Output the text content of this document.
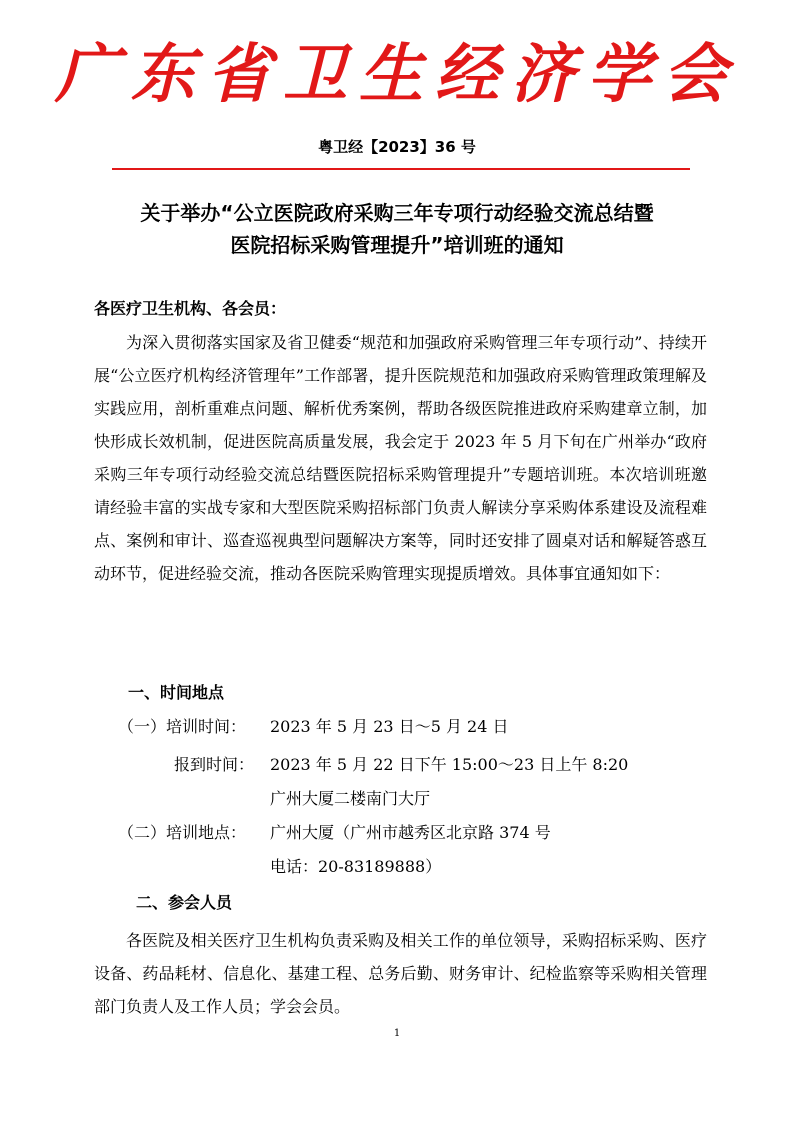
广东省卫生经济学会
粤卫经【2023】36 号
关于举办“公立医院政府采购三年专项行动经验交流总结暨
医院招标采购管理提升”培训班的通知
各医疗卫生机构、各会员：
为深入贯彻落实国家及省卫健委“规范和加强政府采购管理三年专项行动”、持续开展“公立医疗机构经济管理年”工作部署，提升医院规范和加强政府采购管理政策理解及实践应用，剖析重难点问题、解析优秀案例，帮助各级医院推进政府采购建章立制，加快形成长效机制，促进医院高质量发展，我会定于 2023 年 5 月下旬在广州举办“政府采购三年专项行动经验交流总结暨医院招标采购管理提升”专题培训班。本次培训班邀请经验丰富的实战专家和大型医院采购招标部门负责人解读分享采购体系建设及流程难点、案例和审计、巡查巡视典型问题解决方案等，同时还安排了圆桌对话和解疑答惑互动环节，促进经验交流，推动各医院采购管理实现提质增效。具体事宜通知如下：
一、时间地点
（一）培训时间： 2023 年 5 月 23 日～5 月 24 日
报到时间： 2023 年 5 月 22 日下午 15:00～23 日上午 8:20
广州大厦二楼南门大厅
（二）培训地点： 广州大厦（广州市越秀区北京路 374 号
电话：20-83189888）
二、参会人员
各医院及相关医疗卫生机构负责采购及相关工作的单位领导，采购招标采购、医疗设备、药品耗材、信息化、基建工程、总务后勤、财务审计、纪检监察等采购相关管理部门负责人及工作人员；学会会员。
1
